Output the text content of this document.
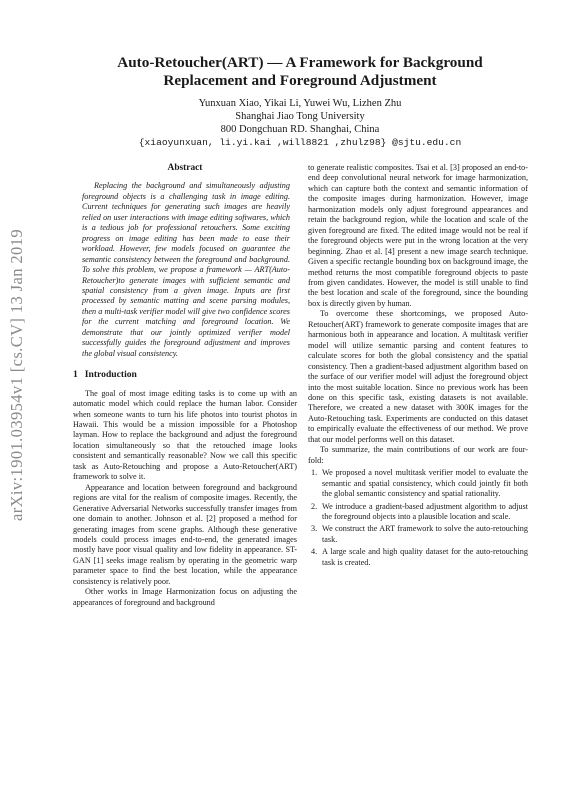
arXiv:1901.03954v1 [cs.CV] 13 Jan 2019
Auto-Retoucher(ART) — A Framework for Background
Replacement and Foreground Adjustment
Yunxuan Xiao, Yikai Li, Yuwei Wu, Lizhen Zhu
Shanghai Jiao Tong University
800 Dongchuan RD. Shanghai, China
{xiaoyunxuan, li.yi.kai ,will8821 ,zhulz98} @sjtu.edu.cn
Abstract

Replacing the background and simultaneously adjusting foreground objects is a challenging task in image editing. Current techniques for generating such images are heavily relied on user interactions with image editing softwares, which is a tedious job for professional retouchers. Some exciting progress on image editing has been made to ease their workload. However, few models focused on guarantee the semantic consistency between the foreground and background. To solve this problem, we propose a framework — ART(Auto-Retoucher)to generate images with sufficient semantic and spatial consistency from a given image. Inputs are first processed by semantic matting and scene parsing modules, then a multi-task verifier model will give two confidence scores for the current matching and foreground location. We demonstrate that our jointly optimized verifier model successfully guides the foreground adjustment and improves the global visual consistency.

1 Introduction

The goal of most image editing tasks is to come up with an automatic model which could replace the human labor. Consider when someone wants to turn his life photos into tourist photos in Hawaii. This would be a mission impossible for a Photoshop layman. How to replace the background and adjust the foreground location simultaneously so that the retouched image looks consistent and semantically reasonable? Now we call this specific task as Auto-Retouching and propose a Auto-Retoucher(ART) framework to solve it.

Appearance and location between foreground and background regions are vital for the realism of composite images. Recently, the Generative Adversarial Networks successfully transfer images from one domain to another. Johnson et al. [2] proposed a method for generating images from scene graphs. Although these generative models could process images end-to-end, the generated images mostly have poor visual quality and low fidelity in appearance. ST-GAN [1] seeks image realism by operating in the geometric warp parameter space to find the best location, while the appearance consistency is relatively poor.

Other works in Image Harmonization focus on adjusting the appearances of foreground and background

to generate realistic composites. Tsai et al. [3] proposed an end-to-end deep convolutional neural network for image harmonization, which can capture both the context and semantic information of the composite images during harmonization. However, image harmonization models only adjust foreground appearances and retain the background region, while the location and scale of the given foreground are fixed. The edited image would not be real if the foreground objects were put in the wrong location at the very beginning. Zhao et al. [4] present a new image search technique. Given a specific rectangle bounding box on background image, the method returns the most compatible foreground objects to paste from given candidates. However, the model is still unable to find the best location and scale of the foreground, since the bounding box is directly given by human.

To overcome these shortcomings, we proposed Auto-Retoucher(ART) framework to generate composite images that are harmonious both in appearance and location. A multitask verifier model will utilize semantic parsing and content features to calculate scores for both the global consistency and the spatial consistency. Then a gradient-based adjustment algorithm based on the surface of our verifier model will adjust the foreground object into the most suitable location. Since no previous work has been done on this specific task, existing datasets is not available. Therefore, we created a new dataset with 300K images for the Auto-Retouching task. Experiments are conducted on this dataset to empirically evaluate the effectiveness of our method. We prove that our model performs well on this dataset.

To summarize, the main contributions of our work are four-fold:

1. We proposed a novel multitask verifier model to evaluate the semantic and spatial consistency, which could jointly fit both the global semantic consistency and spatial rationality.
2. We introduce a gradient-based adjustment algorithm to adjust the foreground objects into a plausible location and scale.
3. We construct the ART framework to solve the auto-retouching task.
4. A large scale and high quality dataset for the auto-retouching task is created.
